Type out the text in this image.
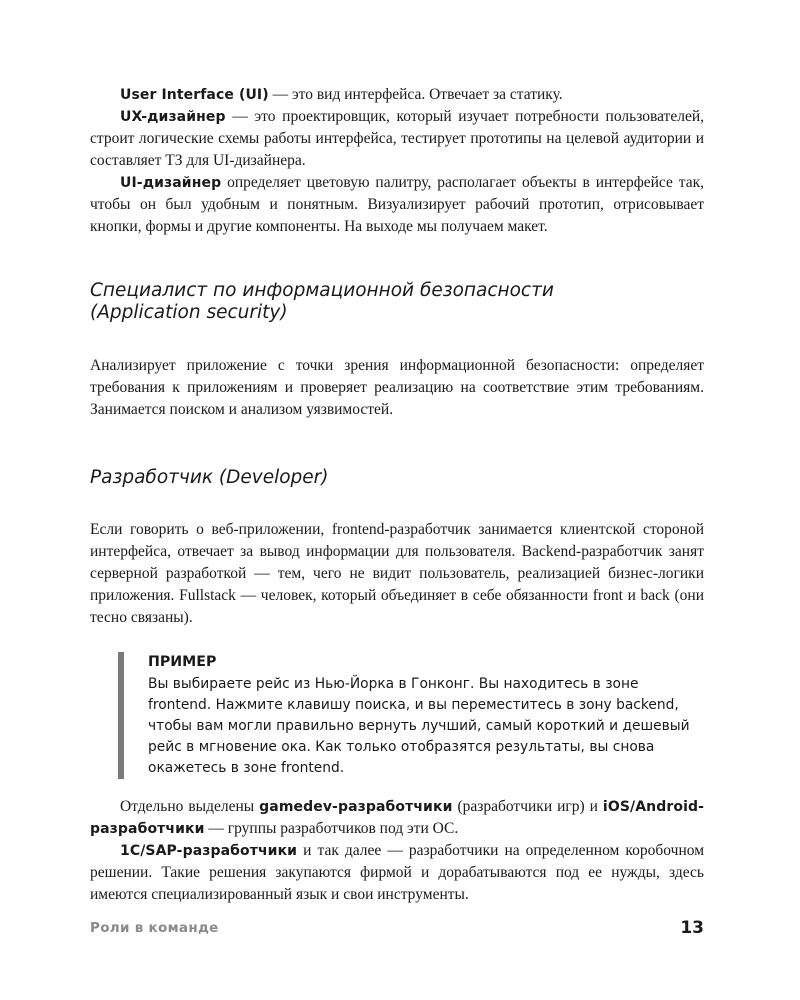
User Interface (UI) — это вид интерфейса. Отвечает за статику.

UX-дизайнер — это проектировщик, который изучает потребности пользователей, строит логические схемы работы интерфейса, тестирует прототипы на целевой аудитории и составляет ТЗ для UI-дизайнера.

UI-дизайнер определяет цветовую палитру, располагает объекты в интерфейсе так, чтобы он был удобным и понятным. Визуализирует рабочий прототип, отрисовывает кнопки, формы и другие компоненты. На выходе мы получаем макет.

Специалист по информационной безопасности
(Application security)

Анализирует приложение с точки зрения информационной безопасности: определяет требования к приложениям и проверяет реализацию на соответствие этим требованиям. Занимается поиском и анализом уязвимостей.

Разработчик (Developer)

Если говорить о веб-приложении, frontend-разработчик занимается клиентской стороной интерфейса, отвечает за вывод информации для пользователя. Backend-разработчик занят серверной разработкой — тем, чего не видит пользователь, реализацией бизнес-логики приложения. Fullstack — человек, который объединяет в себе обязанности front и back (они тесно связаны).

ПРИМЕР
Вы выбираете рейс из Нью-Йорка в Гонконг. Вы находитесь в зоне frontend. Нажмите клавишу поиска, и вы переместитесь в зону backend, чтобы вам могли правильно вернуть лучший, самый короткий и дешевый рейс в мгновение ока. Как только отобразятся результаты, вы снова окажетесь в зоне frontend.

Отдельно выделены gamedev-разработчики (разработчики игр) и iOS/Android-разработчики — группы разработчиков под эти ОС.

1C/SAP-разработчики и так далее — разработчики на определенном коробочном решении. Такие решения закупаются фирмой и дорабатываются под ее нужды, здесь имеются специализированный язык и свои инструменты.

Роли в команде	13
